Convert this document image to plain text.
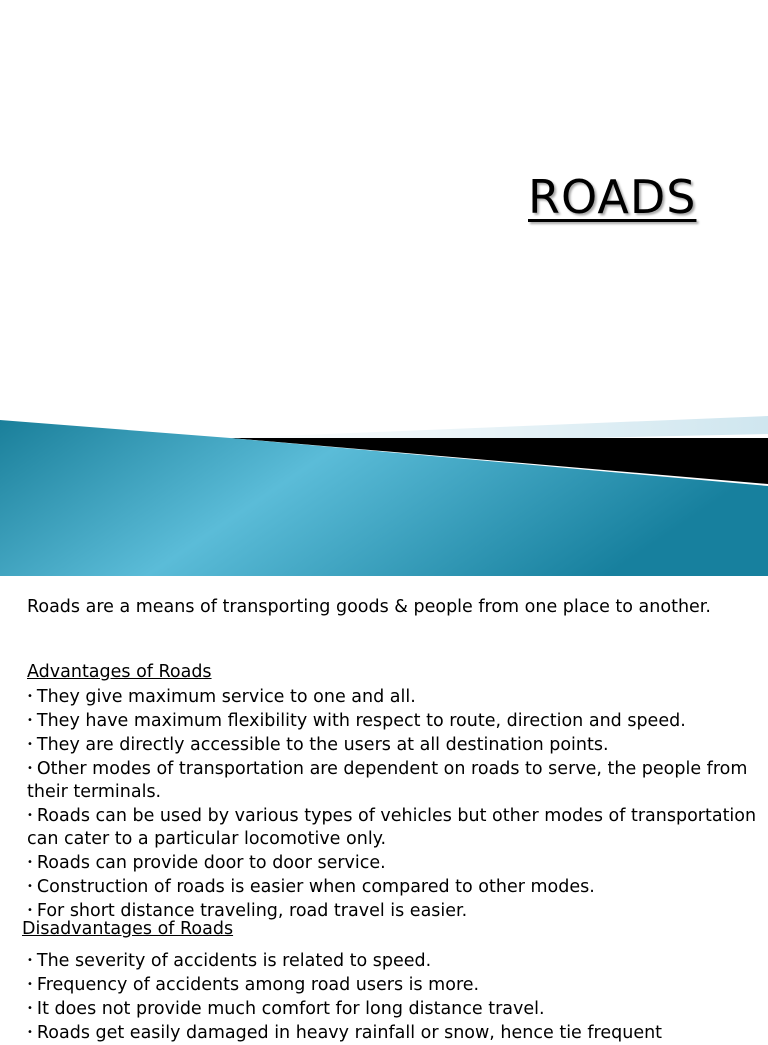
ROADS

Roads are a means of transporting goods & people from one place to another.

Advantages of Roads
• They give maximum service to one and all.
• They have maximum flexibility with respect to route, direction and speed.
• They are directly accessible to the users at all destination points.
• Other modes of transportation are dependent on roads to serve, the people from their terminals.
• Roads can be used by various types of vehicles but other modes of transportation can cater to a particular locomotive only.
• Roads can provide door to door service.
• Construction of roads is easier when compared to other modes.
• For short distance traveling, road travel is easier.
Disadvantages of Roads
• The severity of accidents is related to speed.
• Frequency of accidents among road users is more.
• It does not provide much comfort for long distance travel.
• Roads get easily damaged in heavy rainfall or snow, hence tie frequent
